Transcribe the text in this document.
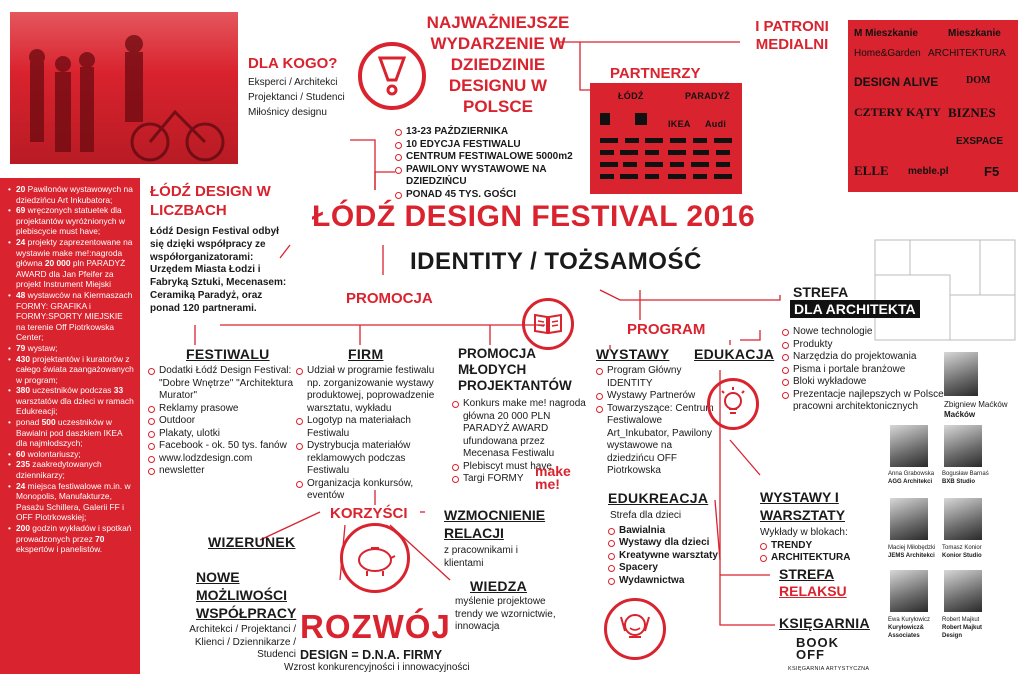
DLA KOGO?
Eksperci / Architekci
Projektanci / Studenci
Miłośnicy designu
NAJWAŻNIEJSZE WYDARZENIE W DZIEDZINIE DESIGNU W POLSCE
13-23 PAŹDZIERNIKA
10 EDYCJA FESTIWALU
CENTRUM FESTIWALOWE 5000m2
PAWILONY WYSTAWOWE NA DZIEDZIŃCU
PONAD 45 TYS. GOŚCI
PARTNERZY
ŁÓDŹ	PARADYŻ
IKEA Audi
I PATRONI MEDIALNI
M Mieszkanie	Mieszkanie
Home&Garden ARCHITEKTURA
DESIGN ALIVE	DOM
CZTERY KĄTY BIZNES
EXSPACE
ELLE meble.pl	F5
• 20 Pawilonów wystawowych na dziedzińcu Art Inkubatora;
• 69 wręczonych statuetek dla projektantów wyróżnionych w plebiscycie must have;
• 24 projekty zaprezentowane na wystawie make me!:nagroda główna 20 000 pln PARADYŻ AWARD dla Jan Pfeifer za projekt Instrument Miejski
• 48 wystawców na Kiermaszach FORMY: GRAFIKA i FORMY:SPORTY MIEJSKIE na terenie Off Piotrkowska Center;
• 79 wystaw;
• 430 projektantów i kuratorów z całego świata zaangażowanych w program;
• 380 uczestników podczas 33 warsztatów dla dzieci w ramach Edukreacji;
• ponad 500 uczestników w Bawialni pod daszkiem IKEA dla najmłodszych;
• 60 wolontariuszy;
• 235 zaakredytowanych dziennikarzy;
• 24 miejsca festiwalowe m.in. w Monopolis, Manufakturze, Pasażu Schillera, Galerii FF i OFF Piotrkowskiej;
• 200 godzin wykładów i spotkań prowadzonych przez 70 ekspertów i panelistów.
ŁÓDŹ DESIGN W LICZBACH
Łódź Design Festival odbył się dzięki współpracy ze współorganizatorami: Urzędem Miasta Łodzi i Fabryką Sztuki, Mecenasem: Ceramiką Paradyż, oraz ponad 120 partnerami.
ŁÓDŹ DESIGN FESTIVAL 2016
IDENTITY / TOŻSAMOŚĆ
PROMOCJA
FESTIWALU
Dodatki Łódź Design Festival: "Dobre Wnętrze" "Architektura Murator"
Reklamy prasowe
Outdoor
Plakaty, ulotki
Facebook - ok. 50 tys. fanów
www.lodzdesign.com
newsletter
FIRM
Udział w programie festiwalu np. zorganizowanie wystawy produktowej, poprowadzenie warsztatu, wykładu
Logotyp na materiałach Festiwalu
Dystrybucja materiałów reklamowych podczas Festiwalu
Organizacja konkursów, eventów
PROMOCJA MŁODYCH PROJEKTANTÓW
Konkurs make me! nagroda główna 20 000 PLN PARADYŻ AWARD ufundowana przez Mecenasa Festiwalu
Plebiscyt must have
Targi FORMY make me!
KORZYŚCI
WIZERUNEK
NOWE MOŻLIWOŚCI WSPÓŁPRACY
Architekci / Projektanci / Klienci / Dziennikarze / Studenci
WZMOCNIENIE RELACJI
z pracownikami i klientami
WIEDZA
myślenie projektowe trendy we wzornictwie, innowacja
ROZWÓJ
DESIGN = D.N.A. FIRMY
Wzrost konkurencyjności i innowacyjności
PROGRAM
WYSTAWY
Program Główny IDENTITY
Wystawy Partnerów
Towarzyszące: Centrum Festiwalowe Art_Inkubator, Pawilony wystawowe na dziedzińcu OFF Piotrkowska
EDUKACJA
EDUKREACJA
Strefa dla dzieci
Bawialnia
Wystawy dla dzieci
Kreatywne warsztaty
Spacery
Wydawnictwa
WYSTAWY I WARSZTATY
Wykłady w blokach:
TRENDY
ARCHITEKTURA
STREFA
RELAKSU
KSIĘGARNIA
BOOK OFF
KSIĘGARNIA ARTYSTYCZNA
STREFA
DLA ARCHITEKTA
Nowe technologie
Produkty
Narzędzia do projektowania
Pisma i portale branżowe
Bloki wykładowe
Prezentacje najlepszych w Polsce pracowni architektonicznych	Zbigniew Maćków
Maćków
Anna Grabowska
AGG Architekci
Bogusław Barnaś
BXB Studio
Maciej Miłobędzki
JEMS Architekci
Tomasz Konior
Konior Studio
Ewa Kuryłowicz
Kuryłowicz& Associates
Robert Majkut
Robert Majkut Design
